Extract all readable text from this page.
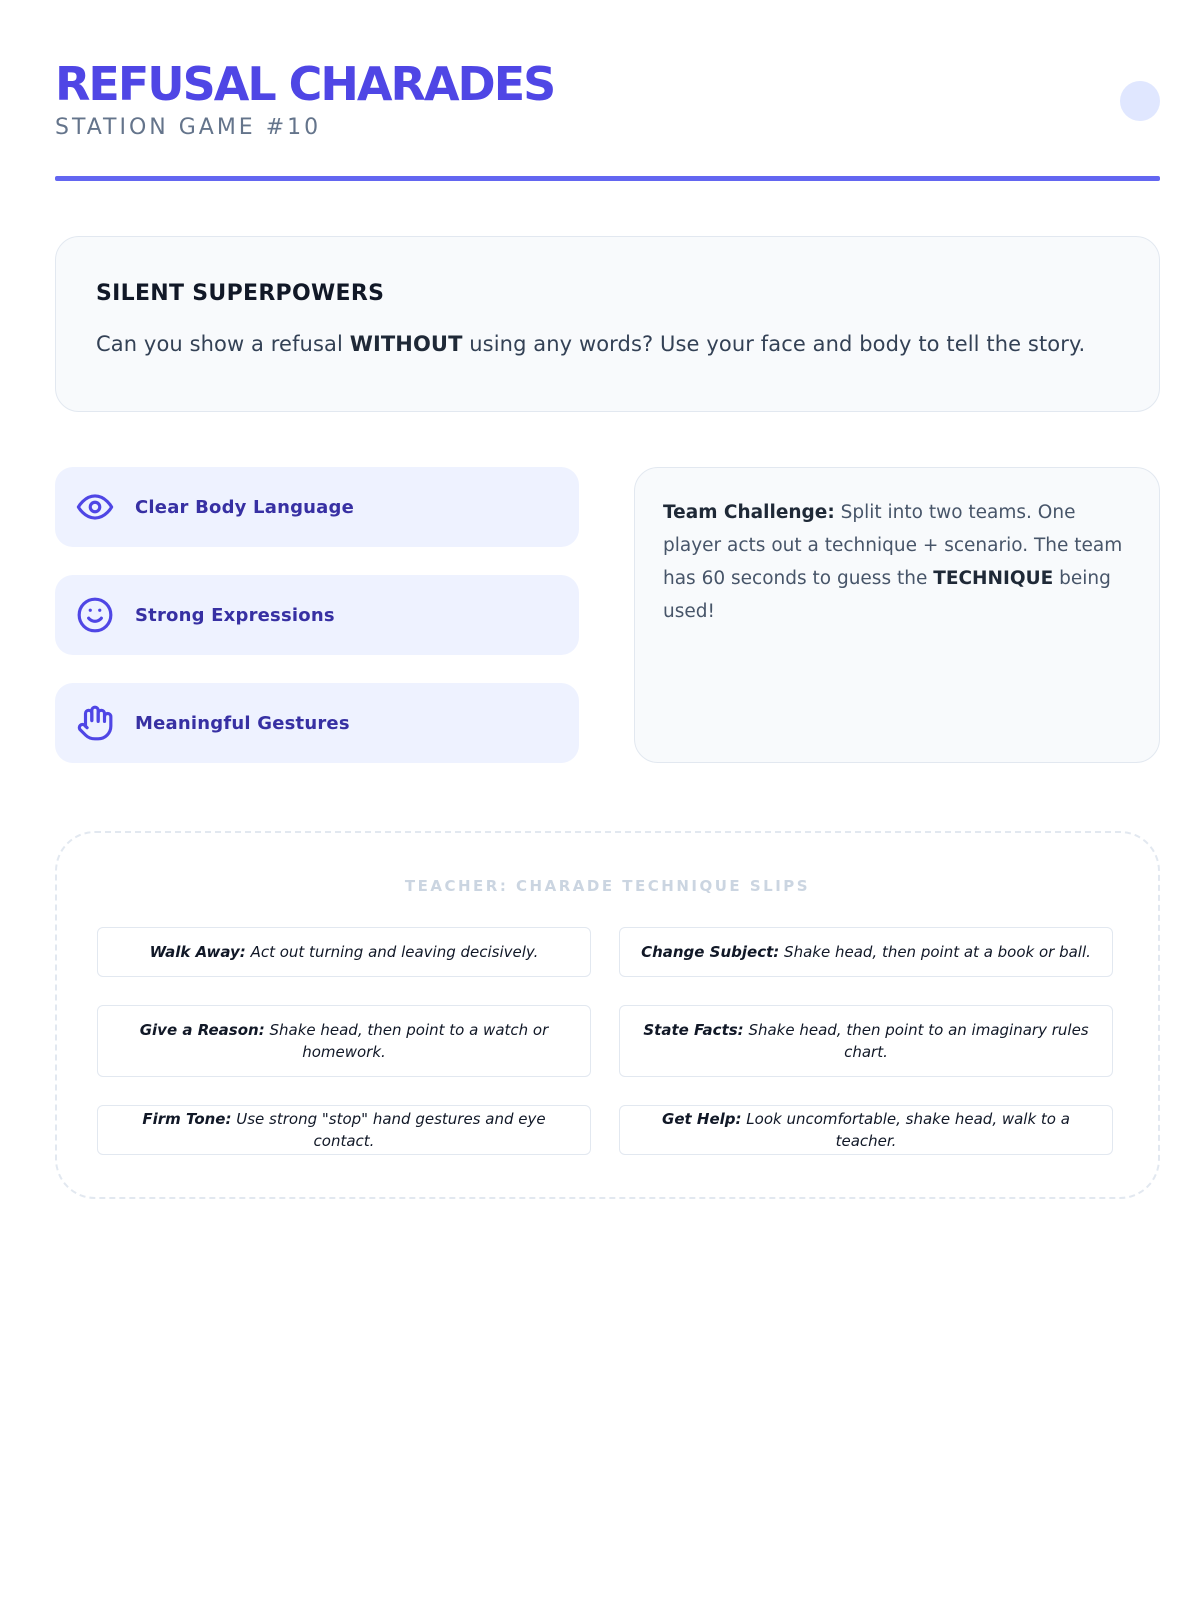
REFUSAL CHARADES
STATION GAME #10
SILENT SUPERPOWERS
Can you show a refusal WITHOUT using any words? Use your face and body to tell the story.
Clear Body Language
Strong Expressions
Meaningful Gestures
Team Challenge: Split into two teams. One player acts out a technique + scenario. The team has 60 seconds to guess the TECHNIQUE being used!
TEACHER: CHARADE TECHNIQUE SLIPS
Walk Away: Act out turning and leaving decisively.	Change Subject: Shake head, then point at a book or ball.
Give a Reason: Shake head, then point to a watch or homework.
State Facts: Shake head, then point to an imaginary rules chart.
Firm Tone: Use strong "stop" hand gestures and eye contact.
Get Help: Look uncomfortable, shake head, walk to a teacher.
